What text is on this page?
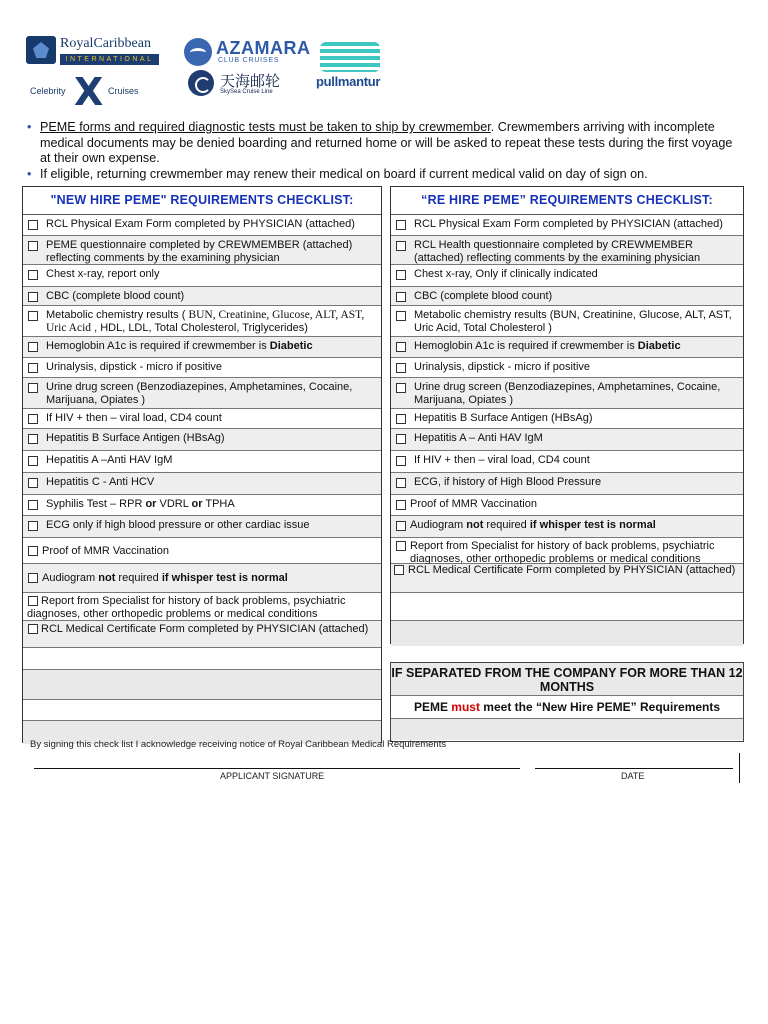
RoyalCaribbean
INTERNATIONAL
Celebrity X Cruises
AZAMARA
CLUB CRUISES
天海邮轮
SkySea Cruise Line
pullmantur
• PEME forms and required diagnostic tests must be taken to ship by crewmember. Crewmembers arriving with incomplete medical documents may be denied boarding and returned home or will be asked to repeat these tests during the first voyage at their own expense.
• If eligible, returning crewmember may renew their medical on board if current medical valid on day of sign on.
"NEW HIRE PEME" REQUIREMENTS CHECKLIST:
RCL Physical Exam Form completed by PHYSICIAN (attached)
PEME questionnaire completed by CREWMEMBER (attached) reflecting comments by the examining physician
Chest x-ray, report only
CBC (complete blood count)
Metabolic chemistry results ( BUN, Creatinine, Glucose, ALT, AST, Uric Acid , HDL, LDL, Total Cholesterol, Triglycerides)
Hemoglobin A1c is required if crewmember is Diabetic
Urinalysis, dipstick - micro if positive
Urine drug screen (Benzodiazepines, Amphetamines, Cocaine, Marijuana, Opiates )
If HIV + then – viral load, CD4 count
Hepatitis B Surface Antigen (HBsAg)
Hepatitis A –Anti HAV IgM
Hepatitis C - Anti HCV
Syphilis Test – RPR or VDRL or TPHA
ECG only if high blood pressure or other cardiac issue
Proof of MMR Vaccination
Audiogram not required if whisper test is normal
Report from Specialist for history of back problems, psychiatric diagnoses, other orthopedic problems or medical conditions
RCL Medical Certificate Form completed by PHYSICIAN (attached)
“RE HIRE PEME” REQUIREMENTS CHECKLIST:
RCL Physical Exam Form completed by PHYSICIAN (attached)
RCL Health questionnaire completed by CREWMEMBER (attached) reflecting comments by the examining physician
Chest x-ray, Only if clinically indicated
CBC (complete blood count)
Metabolic chemistry results (BUN, Creatinine, Glucose, ALT, AST, Uric Acid, Total Cholesterol )
Hemoglobin A1c is required if crewmember is Diabetic
Urinalysis, dipstick - micro if positive
Urine drug screen (Benzodiazepines, Amphetamines, Cocaine, Marijuana, Opiates )
Hepatitis B Surface Antigen (HBsAg)
Hepatitis A – Anti HAV IgM
If HIV + then – viral load, CD4 count
ECG, if history of High Blood Pressure
Proof of MMR Vaccination
Audiogram not required if whisper test is normal
Report from Specialist for history of back problems, psychiatric diagnoses, other orthopedic problems or medical conditions
RCL Medical Certificate Form completed by PHYSICIAN (attached)
IF SEPARATED FROM THE COMPANY FOR MORE THAN 12 MONTHS
PEME must meet the “New Hire PEME” Requirements
By signing this check list I acknowledge receiving notice of Royal Caribbean Medical Requirements
APPLICANT SIGNATURE	DATE
